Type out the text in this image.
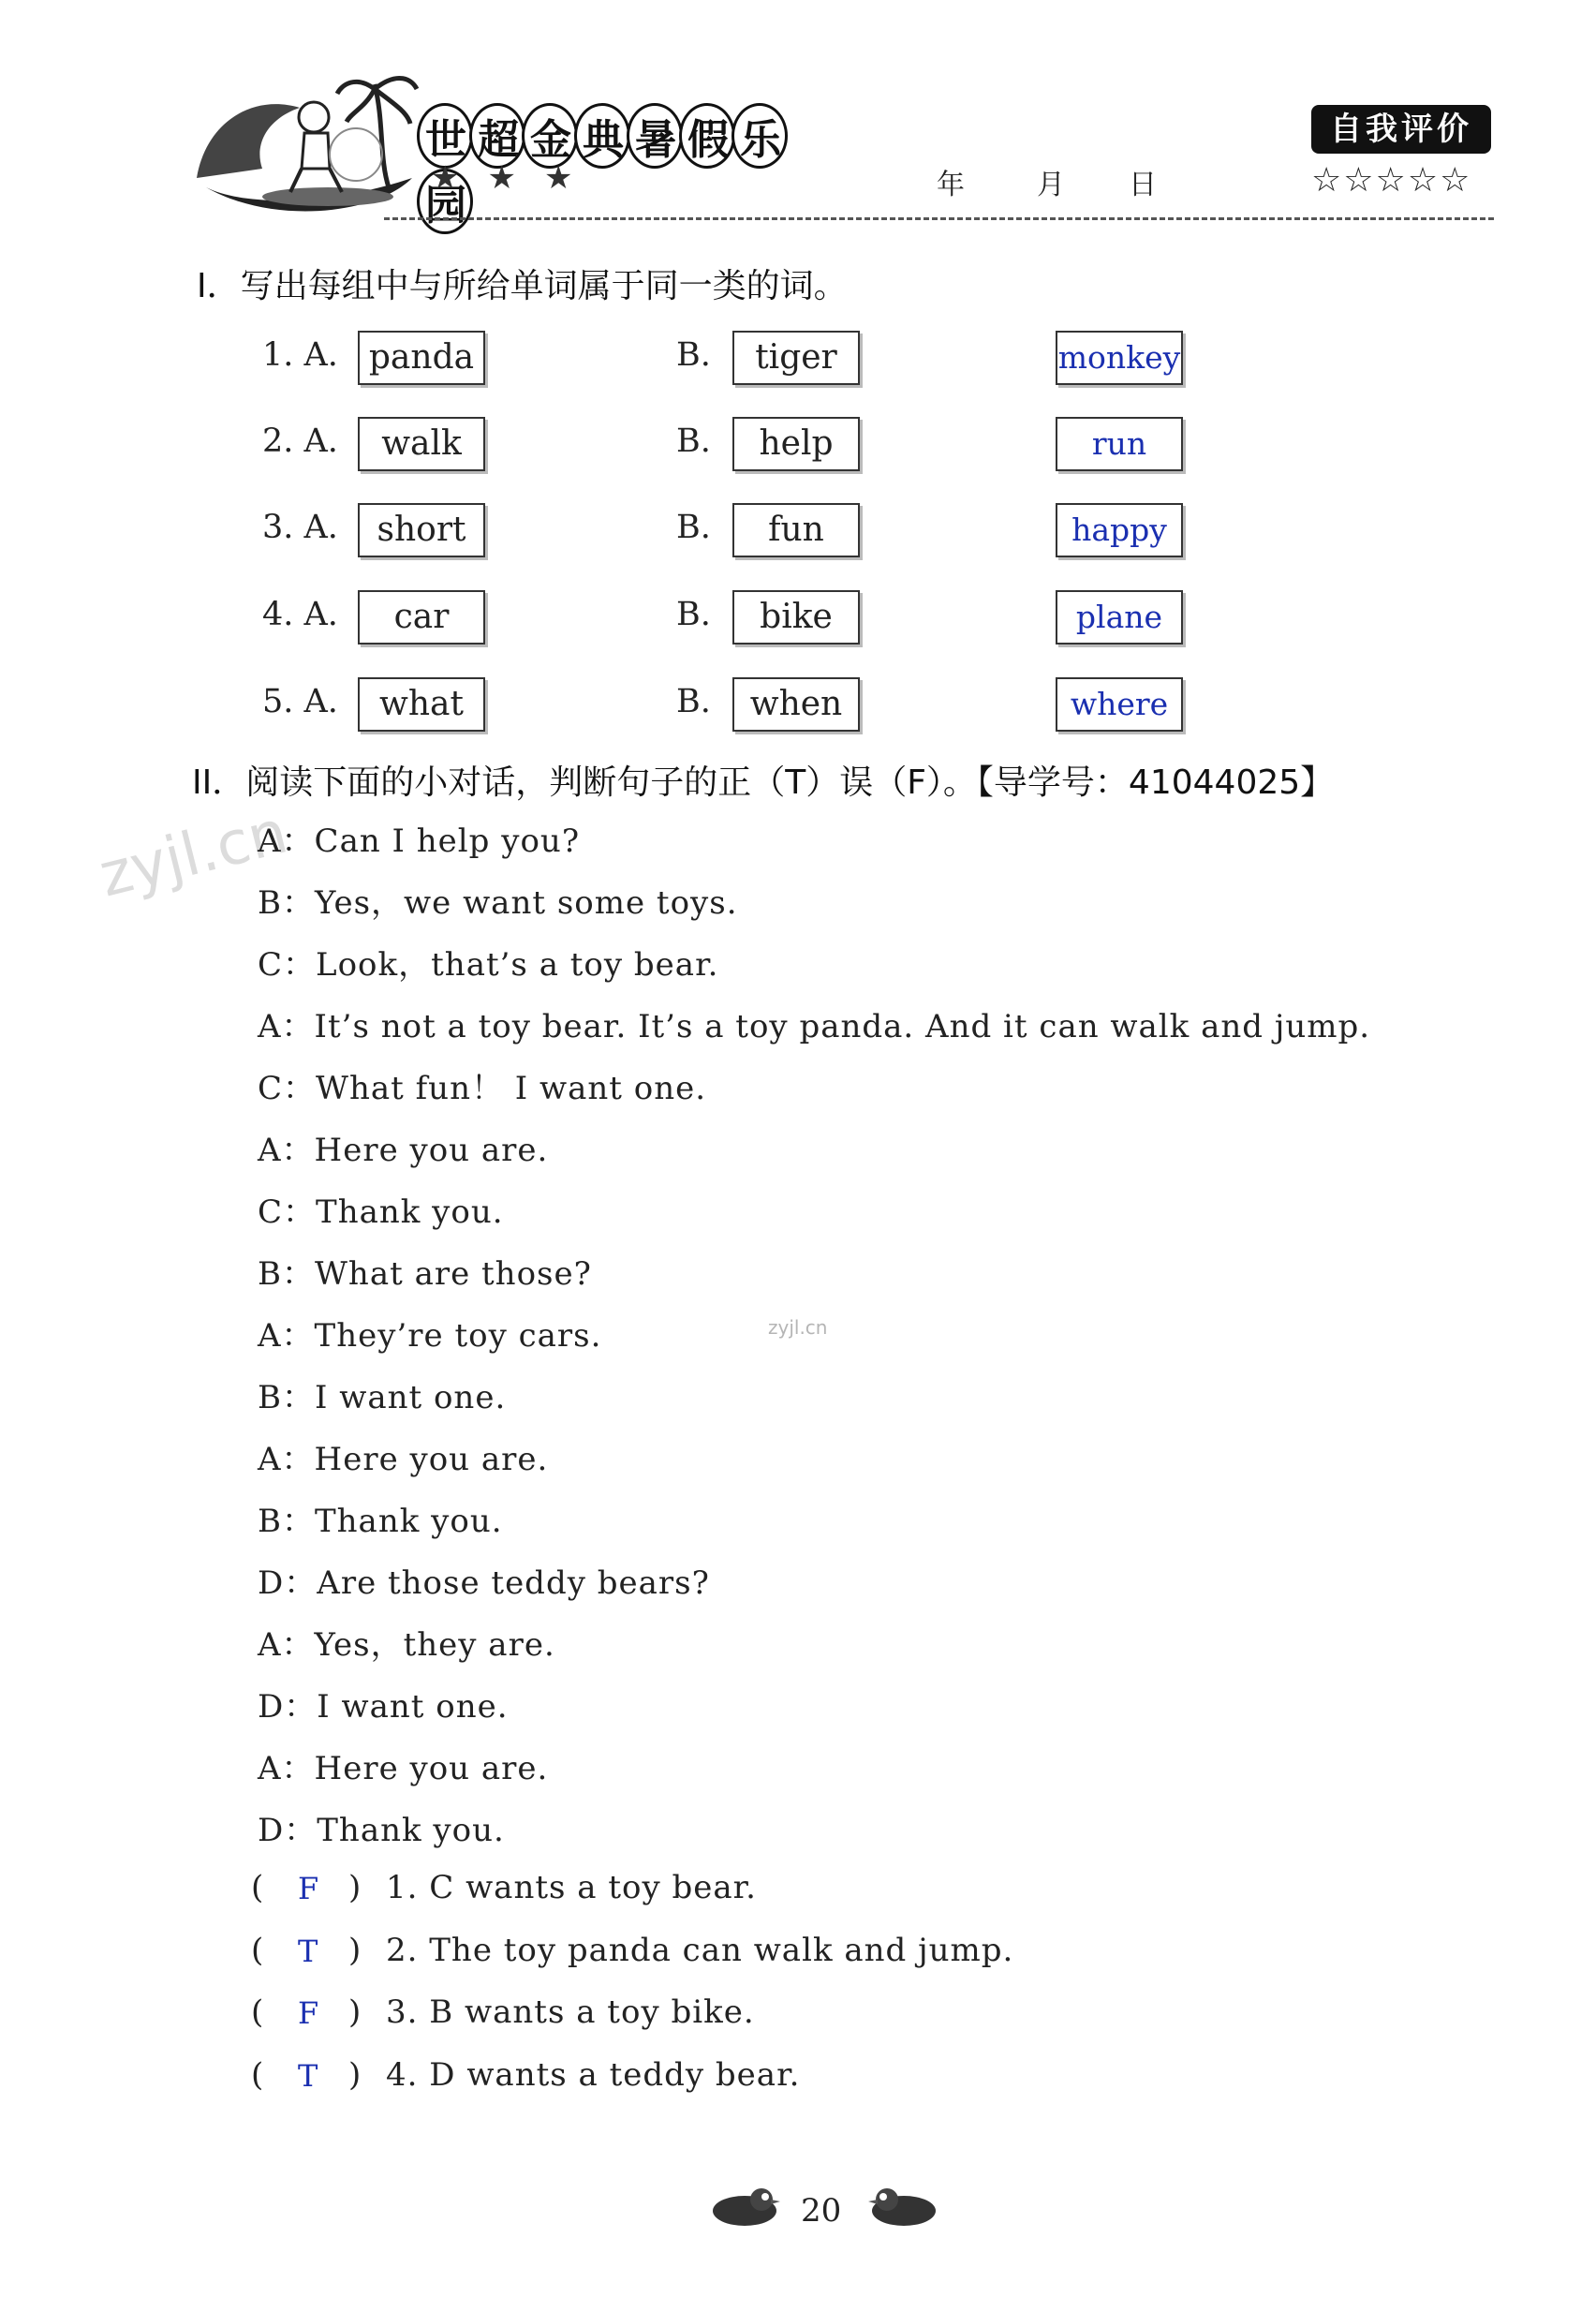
世 超 金 典 暑 假 乐园
★★★	年	月 日
自我评价
☆☆☆☆☆
I．写出每组中与所给单词属于同一类的词。
1. A. panda	B.	tiger	monkey
2. A.	walk	B.	help	run
3. A.	short	B.	fun	happy
4. A.	car	B.	bike	plane
5. A.	what	B.	when	where
II．阅读下面的小对话，判断句子的正（T）误（F）。【导学号：41044025】
zyjl.cn
zyjl.cn
A：Can I help you?
B：Yes，we want some toys.
C：Look，that’s a toy bear.
A：It’s not a toy bear. It’s a toy panda. And it can walk and jump.
C：What fun！ I want one.
A：Here you are.
C：Thank you.
B：What are those?
A：They’re toy cars.
B：I want one.
A：Here you are.
B：Thank you.
D：Are those teddy bears?
A：Yes，they are.
D：I want one.
A：Here you are.
D：Thank you.
( F ) 1. C wants a toy bear.
( T ) 2. The toy panda can walk and jump.
( F ) 3. B wants a toy bike.
( T ) 4. D wants a teddy bear.
20
